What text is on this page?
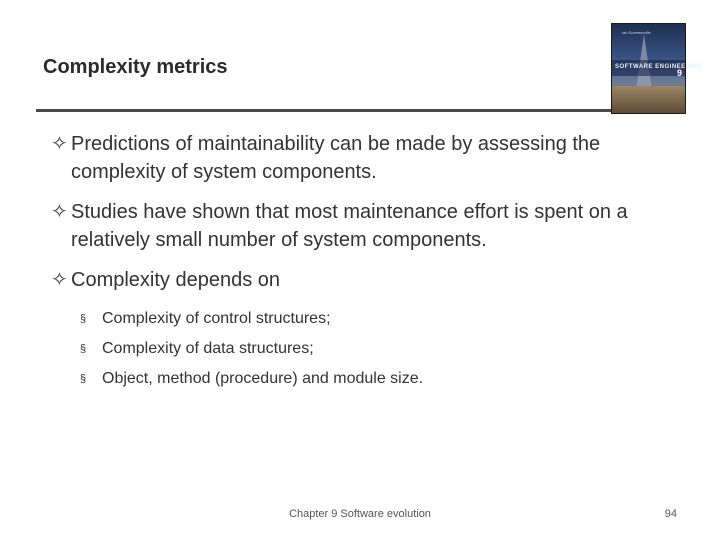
Complexity metrics
Ian Sommerville
SOFTWARE ENGINEERING
9
✧ Predictions of maintainability can be made by assessing the complexity of system components.
✧ Studies have shown that most maintenance effort is spent on a relatively small number of system components.
✧ Complexity depends on
§ Complexity of control structures;
§ Complexity of data structures;
§ Object, method (procedure) and module size.
Chapter 9 Software evolution	94
